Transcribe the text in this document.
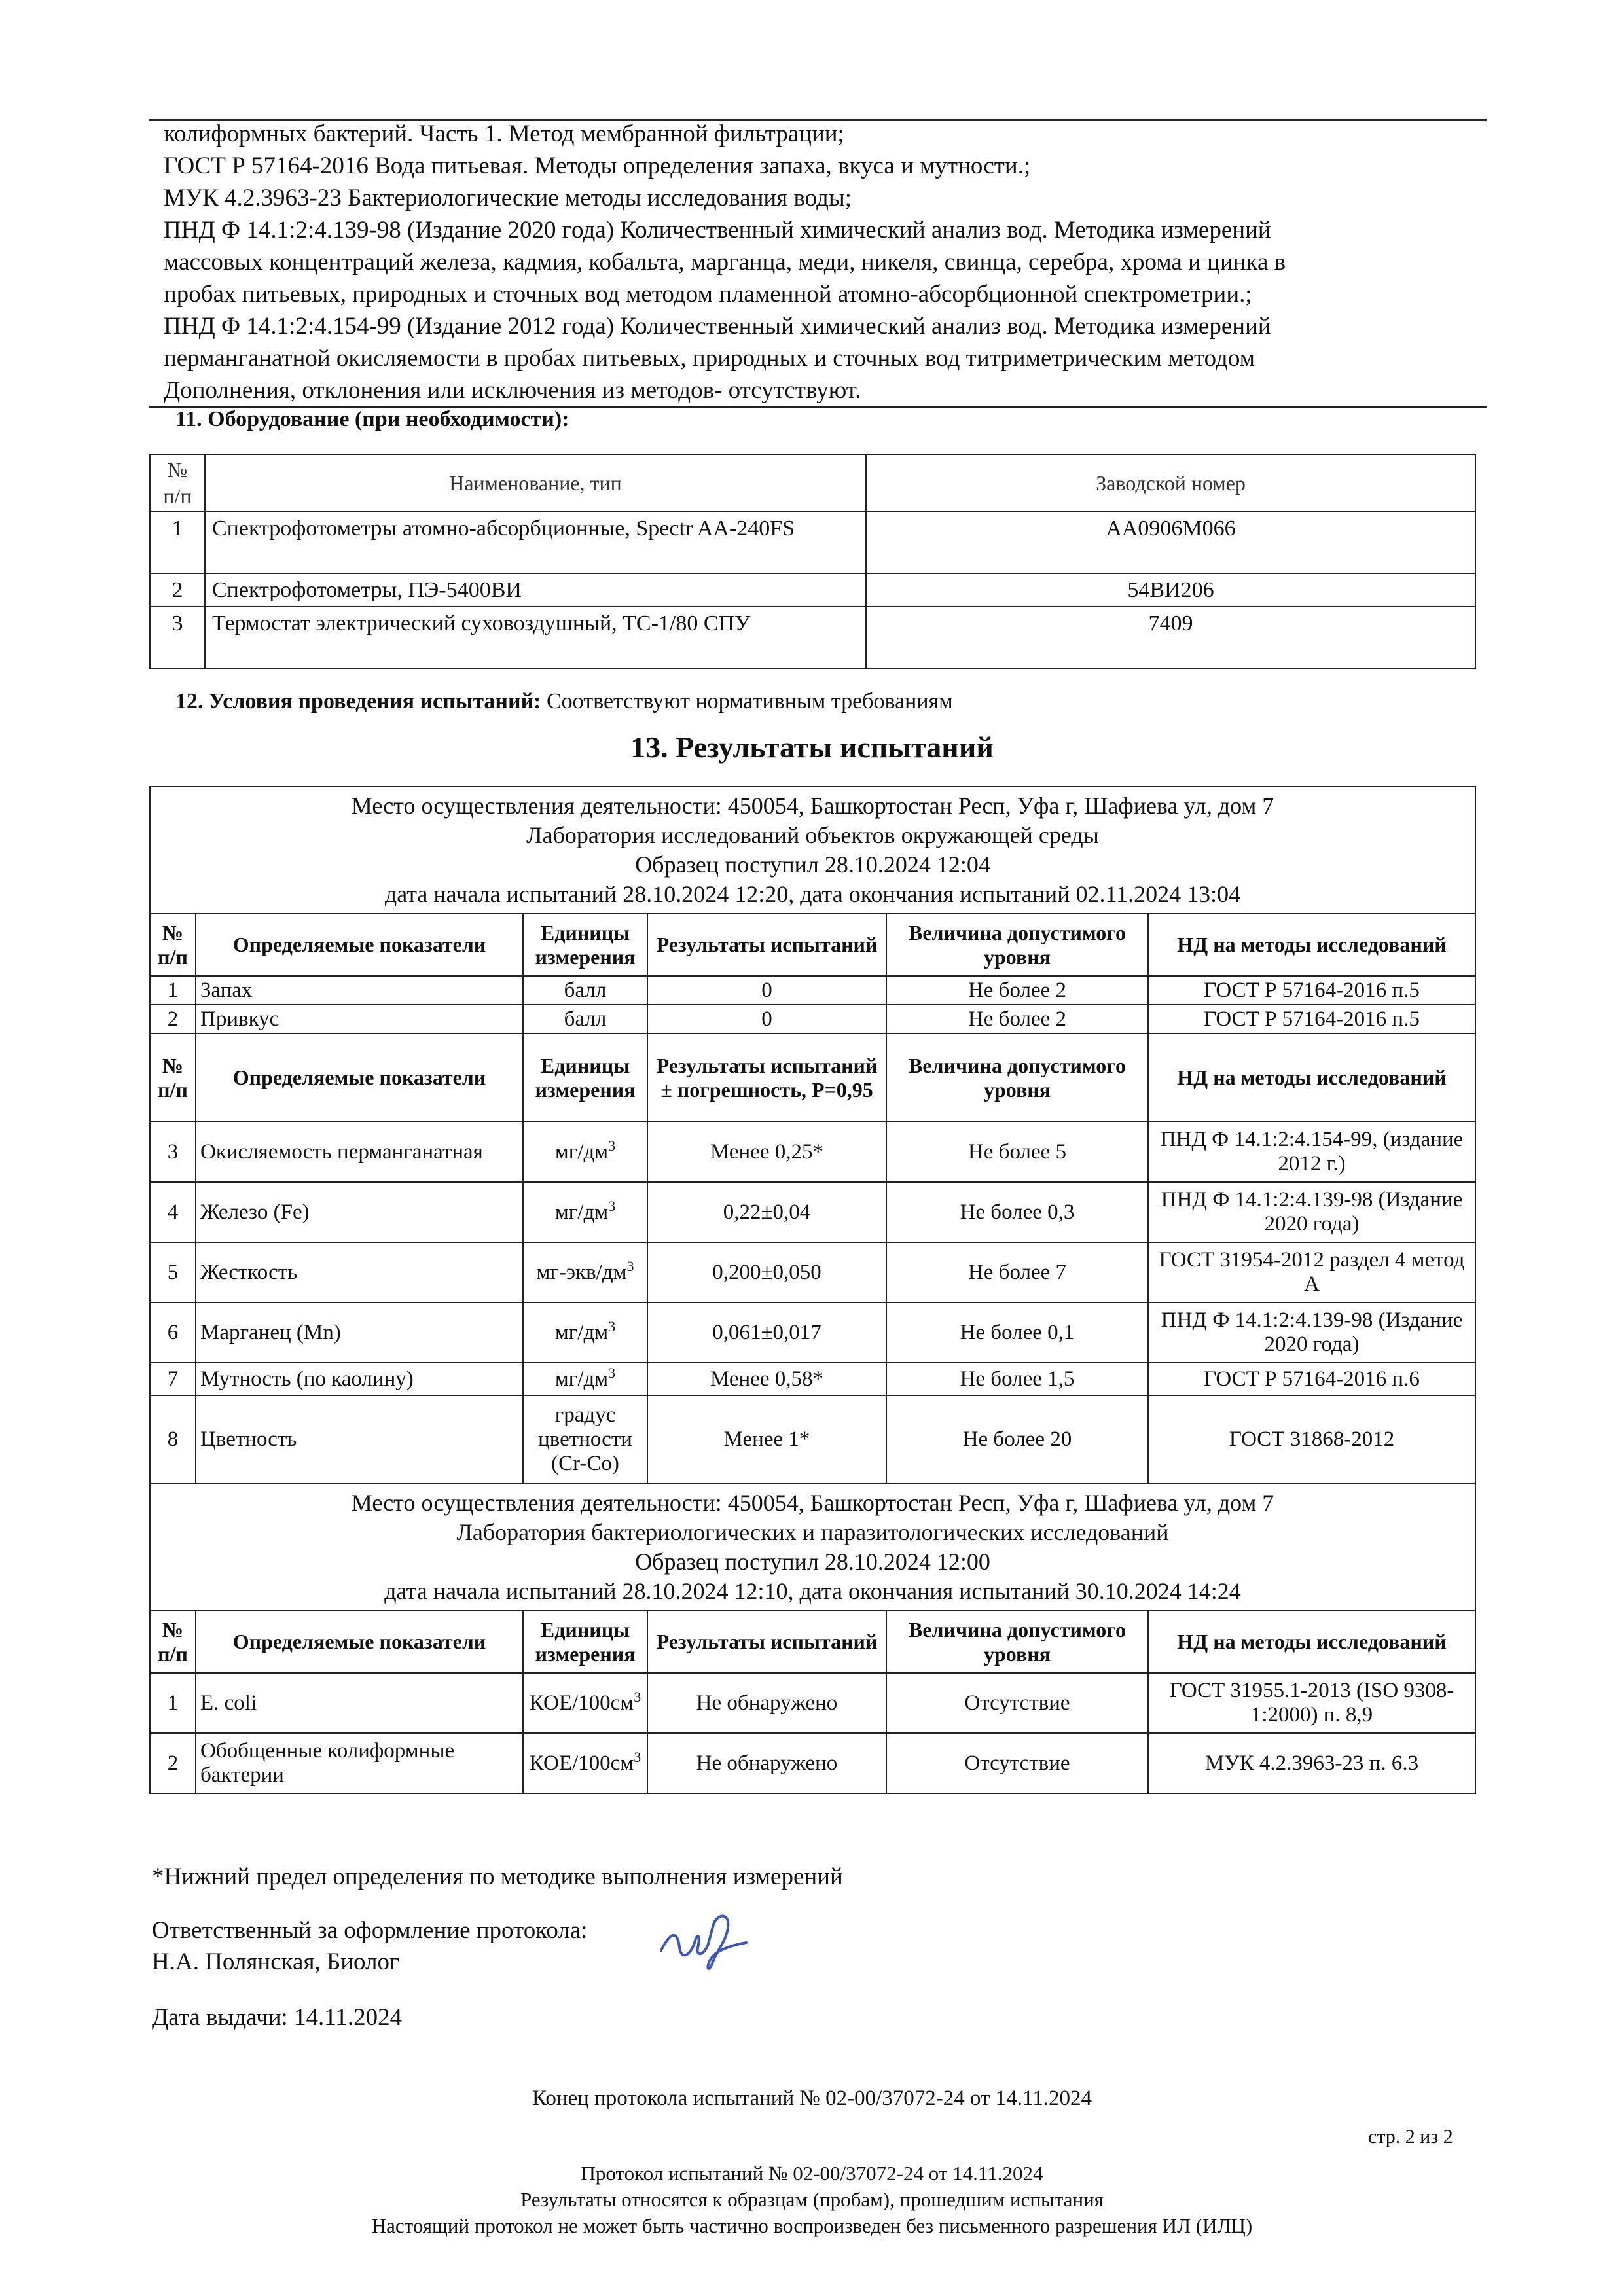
колиформных бактерий. Часть 1. Метод мембранной фильтрации;
ГОСТ Р 57164-2016 Вода питьевая. Методы определения запаха, вкуса и мутности.;
МУК 4.2.3963-23 Бактериологические методы исследования воды;
ПНД Ф 14.1:2:4.139-98 (Издание 2020 года) Количественный химический анализ вод. Методика измерений
массовых концентраций железа, кадмия, кобальта, марганца, меди, никеля, свинца, серебра, хрома и цинка в
пробах питьевых, природных и сточных вод методом пламенной атомно-абсорбционной спектрометрии.;
ПНД Ф 14.1:2:4.154-99 (Издание 2012 года) Количественный химический анализ вод. Методика измерений
перманганатной окисляемости в пробах питьевых, природных и сточных вод титриметрическим методом
Дополнения, отклонения или исключения из методов- отсутствуют.
11. Оборудование (при необходимости):
№ п/п	Наименование, тип	Заводской номер
1	Спектрофотометры атомно-абсорбционные, Spectr AA-240FS	АА0906М066
2	Спектрофотометры, ПЭ-5400ВИ	54ВИ206
3	Термостат электрический суховоздушный, ТС-1/80 СПУ	7409
12. Условия проведения испытаний: Соответствуют нормативным требованиям
13. Результаты испытаний
Место осуществления деятельности: 450054, Башкортостан Респ, Уфа г, Шафиева ул, дом 7
Лаборатория исследований объектов окружающей среды
Образец поступил 28.10.2024 12:04
дата начала испытаний 28.10.2024 12:20, дата окончания испытаний 02.11.2024 13:04					

№ п/п	Определяемые показатели	Единицы измерения	Результаты испытаний	Величина допустимого уровня	НД на методы исследований
1	Запах	балл	0	Не более 2	ГОСТ Р 57164-2016 п.5
2	Привкус	балл	0	Не более 2	ГОСТ Р 57164-2016 п.5
№ п/п	Определяемые показатели	Единицы измерения	Результаты испытаний ± погрешность, Р=0,95	Величина допустимого уровня	НД на методы исследований
3	Окисляемость перманганатная	$мг/дм^3$	Менее 0,25*	Не более 5	ПНД Ф 14.1:2:4.154-99, (издание 2012 г.)
4	Железо (Fe)	$мг/дм^3$	0,22±0,04	Не более 0,3	ПНД Ф 14.1:2:4.139-98 (Издание 2020 года)
5	Жесткость	$мг-экв/дм^3$	0,200±0,050	Не более 7	ГОСТ 31954-2012 раздел 4 метод А
6	Марганец (Mn)	$мг/дм^3$	0,061±0,017	Не более 0,1	ПНД Ф 14.1:2:4.139-98 (Издание 2020 года)
7	Мутность (по каолину)	$мг/дм^3$	Менее 0,58*	Не более 1,5	ГОСТ Р 57164-2016 п.6
8	Цветность	градус цветности (Cr-Co)	Менее 1*	Не более 20	ГОСТ 31868-2012

Место осуществления деятельности: 450054, Башкортостан Респ, Уфа г, Шафиева ул, дом 7
Лаборатория бактериологических и паразитологических исследований
Образец поступил 28.10.2024 12:00
дата начала испытаний 28.10.2024 12:10, дата окончания испытаний 30.10.2024 14:24					

№ п/п	Определяемые показатели	Единицы измерения	Результаты испытаний	Величина допустимого уровня	НД на методы исследований
1	E. coli	КОЕ/$100см^3$	Не обнаружено	Отсутствие	ГОСТ 31955.1-2013 (ISO 9308-1:2000) п. 8,9
2	Обобщенные колиформные бактерии	КОЕ/$100см^3$	Не обнаружено	Отсутствие	МУК 4.2.3963-23 п. 6.3
*Нижний предел определения по методике выполнения измерений
Ответственный за оформление протокола:
Н.А. Полянская, Биолог
Дата выдачи: 14.11.2024
Конец протокола испытаний № 02-00/37072-24 от 14.11.2024
стр. 2 из 2
Протокол испытаний № 02-00/37072-24 от 14.11.2024
Результаты относятся к образцам (пробам), прошедшим испытания
Настоящий протокол не может быть частично воспроизведен без письменного разрешения ИЛ (ИЛЦ)
